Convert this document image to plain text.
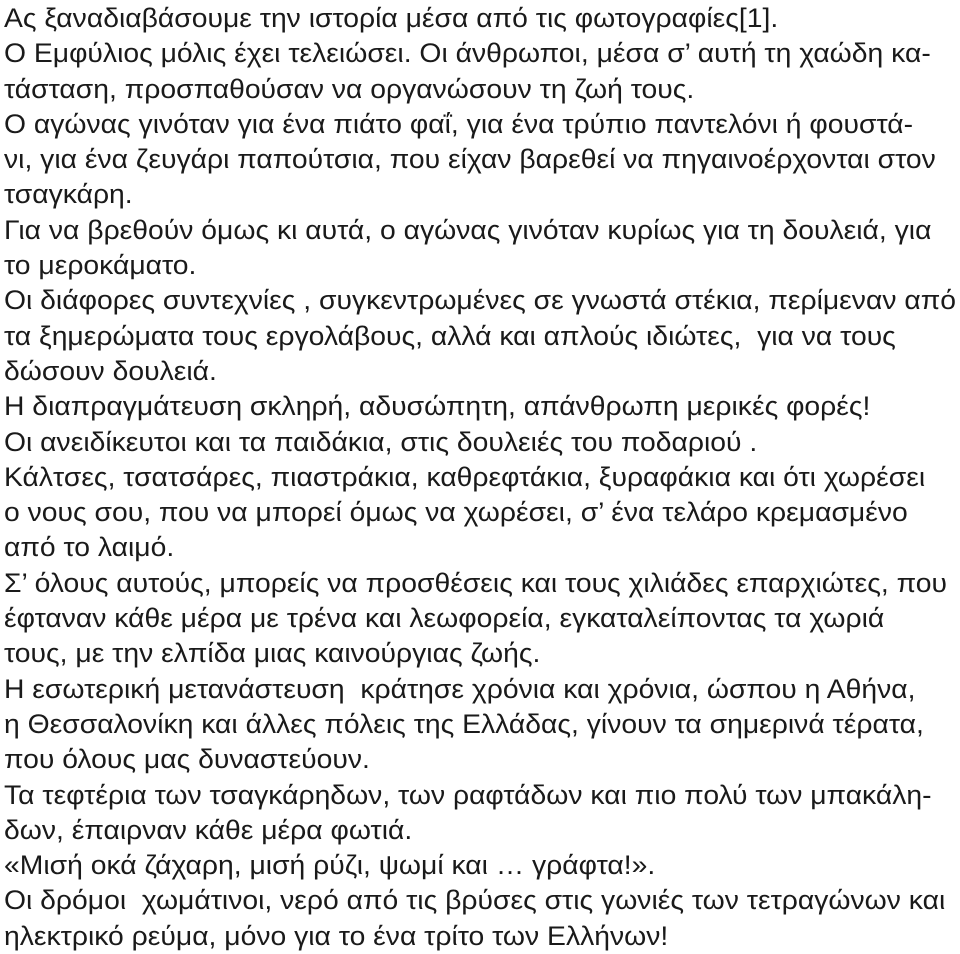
Ας ξαναδιαβάσουμε την ιστορία μέσα από τις φωτογραφίες[1].
Ο Εμφύλιος μόλις έχει τελειώσει. Οι άνθρωποι, μέσα σ’ αυτή τη χαώδη κα-
τάσταση, προσπαθούσαν να οργανώσουν τη ζωή τους.
Ο αγώνας γινόταν για ένα πιάτο φαΐ, για ένα τρύπιο παντελόνι ή φουστά-
νι, για ένα ζευγάρι παπούτσια, που είχαν βαρεθεί να πηγαινοέρχονται στον
τσαγκάρη.
Για να βρεθούν όμως κι αυτά, ο αγώνας γινόταν κυρίως για τη δουλειά, για
το μεροκάματο.
Οι διάφορες συντεχνίες , συγκεντρωμένες σε γνωστά στέκια, περίμεναν από
τα ξημερώματα τους εργολάβους, αλλά και απλούς ιδιώτες,  για να τους
δώσουν δουλειά.
Η διαπραγμάτευση σκληρή, αδυσώπητη, απάνθρωπη μερικές φορές!
Οι ανειδίκευτοι και τα παιδάκια, στις δουλειές του ποδαριού .
Κάλτσες, τσατσάρες, πιαστράκια, καθρεφτάκια, ξυραφάκια και ότι χωρέσει
ο νους σου, που να μπορεί όμως να χωρέσει, σ’ ένα τελάρο κρεμασμένο
από το λαιμό.
Σ’ όλους αυτούς, μπορείς να προσθέσεις και τους χιλιάδες επαρχιώτες, που
έφταναν κάθε μέρα με τρένα και λεωφορεία, εγκαταλείποντας τα χωριά
τους, με την ελπίδα μιας καινούργιας ζωής.
Η εσωτερική μετανάστευση  κράτησε χρόνια και χρόνια, ώσπου η Αθήνα,
η Θεσσαλονίκη και άλλες πόλεις της Ελλάδας, γίνουν τα σημερινά τέρατα,
που όλους μας δυναστεύουν.
Τα τεφτέρια των τσαγκάρηδων, των ραφτάδων και πιο πολύ των μπακάλη-
δων, έπαιρναν κάθε μέρα φωτιά.
«Μισή οκά ζάχαρη, μισή ρύζι, ψωμί και … γράφτα!».
Οι δρόμοι  χωμάτινοι, νερό από τις βρύσες στις γωνιές των τετραγώνων και
ηλεκτρικό ρεύμα, μόνο για το ένα τρίτο των Ελλήνων!
